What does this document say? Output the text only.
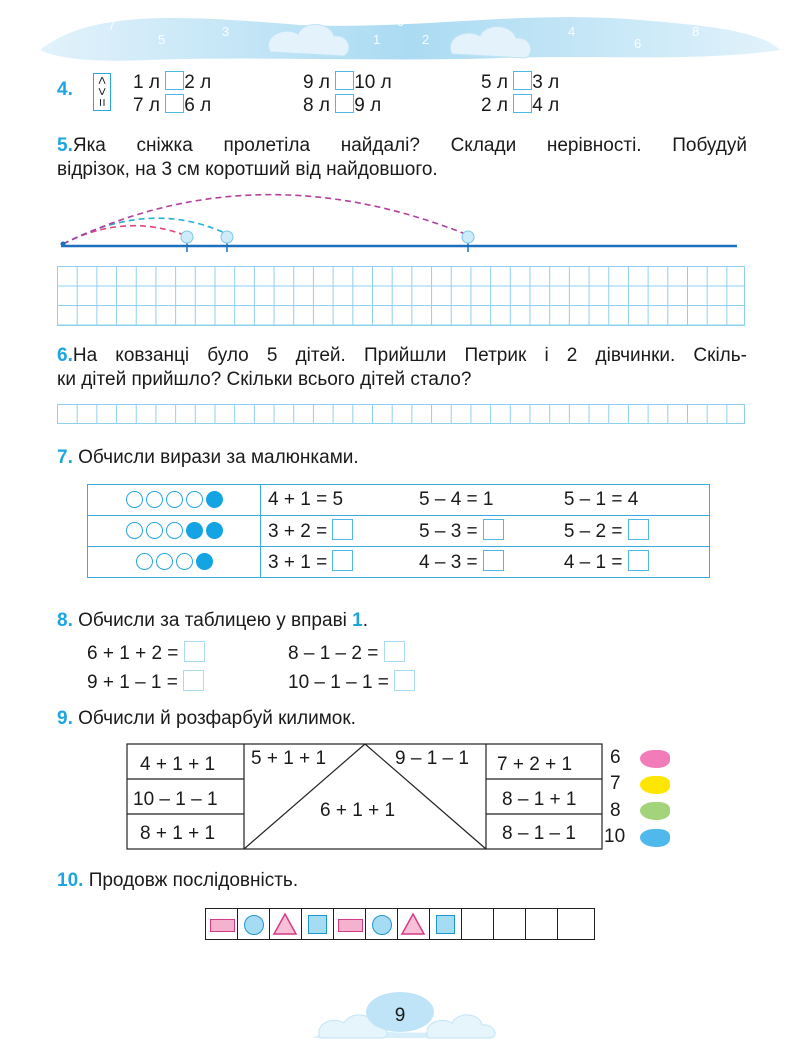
7
5
3
1
0
2
4
6
8
4. <
>
=
1 л 2 л	9 л 10 л	5 л 3 л
7 л 6 л	8 л 9 л	2 л 4 л
5.Яка сніжка пролетіла найдалі? Склади нерівності. Побудуй
відрізок, на 3 см коротший від найдовшого.
6.На ковзанці було 5 дітей. Прийшли Петрик і 2 дівчинки. Скіль-
ки дітей прийшло? Скільки всього дітей стало?
7. Обчисли вирази за малюнками.
	4 + 1 = 5	5 – 4 = 1	5 – 1 = 4
	3 + 2 =	5 – 3 =	5 – 2 =
	3 + 1 =	4 – 3 =	4 – 1 =
8. Обчисли за таблицею у вправі 1.
6 + 1 + 2 =	8 – 1 – 2 =
9 + 1 – 1 =	10 – 1 – 1 =
9. Обчисли й розфарбуй килимок.
4 + 1 + 1
10 – 1 – 1
8 + 1 + 1
5 + 1 + 1	9 – 1 – 1
6 + 1 + 1
7 + 2 + 1
8 – 1 + 1
8 – 1 – 1
6
7
8
10
10. Продовж послідовність.
9
